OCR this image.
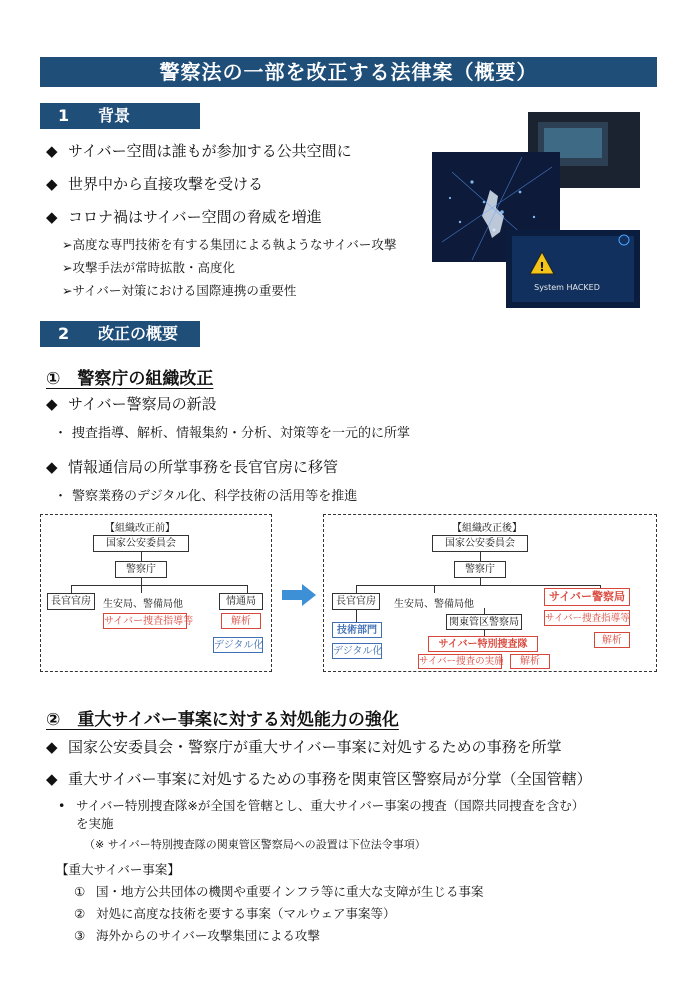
警察法の一部を改正する法律案（概要）
1 背景
◆ サイバー空間は誰もが参加する公共空間に
◆ 世界中から直接攻撃を受ける
◆ コロナ禍はサイバー空間の脅威を増進
➢高度な専門技術を有する集団による執ようなサイバー攻撃
➢攻撃手法が常時拡散・高度化
➢サイバー対策における国際連携の重要性
!
System HACKED
2 改正の概要
①　警察庁の組織改正
◆ サイバー警察局の新設
・ 捜査指導、解析、情報集約・分析、対策等を一元的に所掌
◆ 情報通信局の所掌事務を長官官房に移管
・ 警察業務のデジタル化、科学技術の活用等を推進
【組織改正前】
国家公安委員会
警察庁
長官官房	生安局、警備局他
サイバー捜査指導等
情通局
解析
デジタル化
【組織改正後】
国家公安委員会
警察庁
長官官房
技術部門
デジタル化
生安局、警備局他
関東管区警察局
サイバー特別捜査隊
サイバー捜査の実施	解析
サイバー警察局
サイバー捜査指導等
解析
②　重大サイバー事案に対する対処能力の強化
◆ 国家公安委員会・警察庁が重大サイバー事案に対処するための事務を所掌
◆ 重大サイバー事案に対処するための事務を関東管区警察局が分掌（全国管轄）
• サイバー特別捜査隊※が全国を管轄とし、重大サイバー事案の捜査（国際共同捜査を含む）
を実施
（※ サイバー特別捜査隊の関東管区警察局への設置は下位法令事項）
【重大サイバー事案】
① 国・地方公共団体の機関や重要インフラ等に重大な支障が生じる事案
② 対処に高度な技術を要する事案（マルウェア事案等）
③ 海外からのサイバー攻撃集団による攻撃
